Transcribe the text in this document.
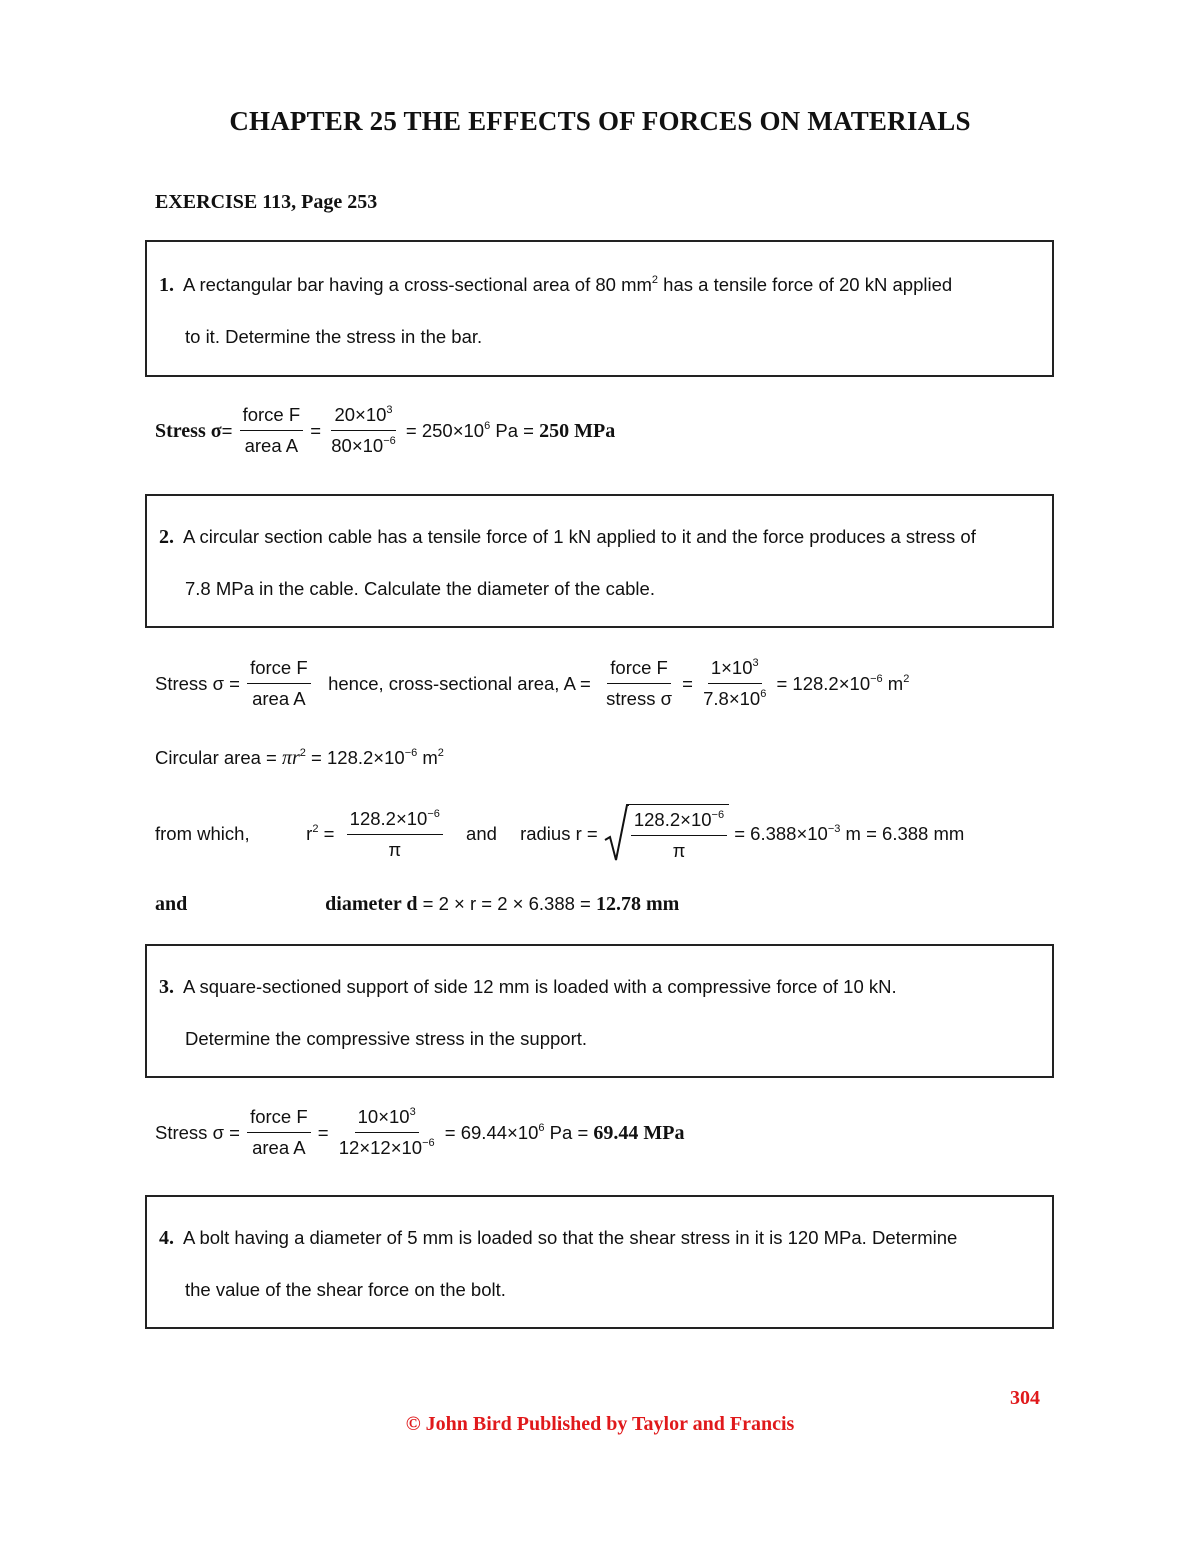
CHAPTER 25 THE EFFECTS OF FORCES ON MATERIALS
EXERCISE 113, Page 253
1. A rectangular bar having a cross-sectional area of 80 $mm^2$ has a tensile force of 20 kN applied
to it. Determine the stress in the bar.
Stress $\sigma= \frac{\text{force F}}{\text{area A}} = \frac{20\times 10^3}{80\times 10^{-6}} = 250\times 10^6$ Pa = 250 MPa
2. A circular section cable has a tensile force of 1 kN applied to it and the force produces a stress of
7.8 MPa in the cable. Calculate the diameter of the cable.
Stress $\sigma = \frac{\text{force F}}{\text{area A}}$ hence, cross-sectional area, $A = \frac{\text{force F}}{\text{stress σ}} = \frac{1\times 10^3}{7.8\times 10^6} = 128.2\times 10^{-6}$ $m^2$
Circular area = $\pi r^2 = 128.2\times 10^{-6}$ $m^2$
from which,	$r^2 = \frac{128.2\times 10^{-6}}{\pi}$ and radius $r = \frac{128.2\times 10^{-6}}{\pi} = 6.388\times 10^{-3}$ m = 6.388 mm
and	diameter d = 2 × r = 2 × 6.388 = 12.78 mm
3. A square-sectioned support of side 12 mm is loaded with a compressive force of 10 kN.
Determine the compressive stress in the support.
Stress $\sigma = \frac{\text{force F}}{\text{area A}} = \frac{10\times 10^3}{12\times 12\times 10^{-6}} = 69.44\times 10^6$ Pa = 69.44 MPa
4. A bolt having a diameter of 5 mm is loaded so that the shear stress in it is 120 MPa. Determine
the value of the shear force on the bolt.
304
© John Bird Published by Taylor and Francis
